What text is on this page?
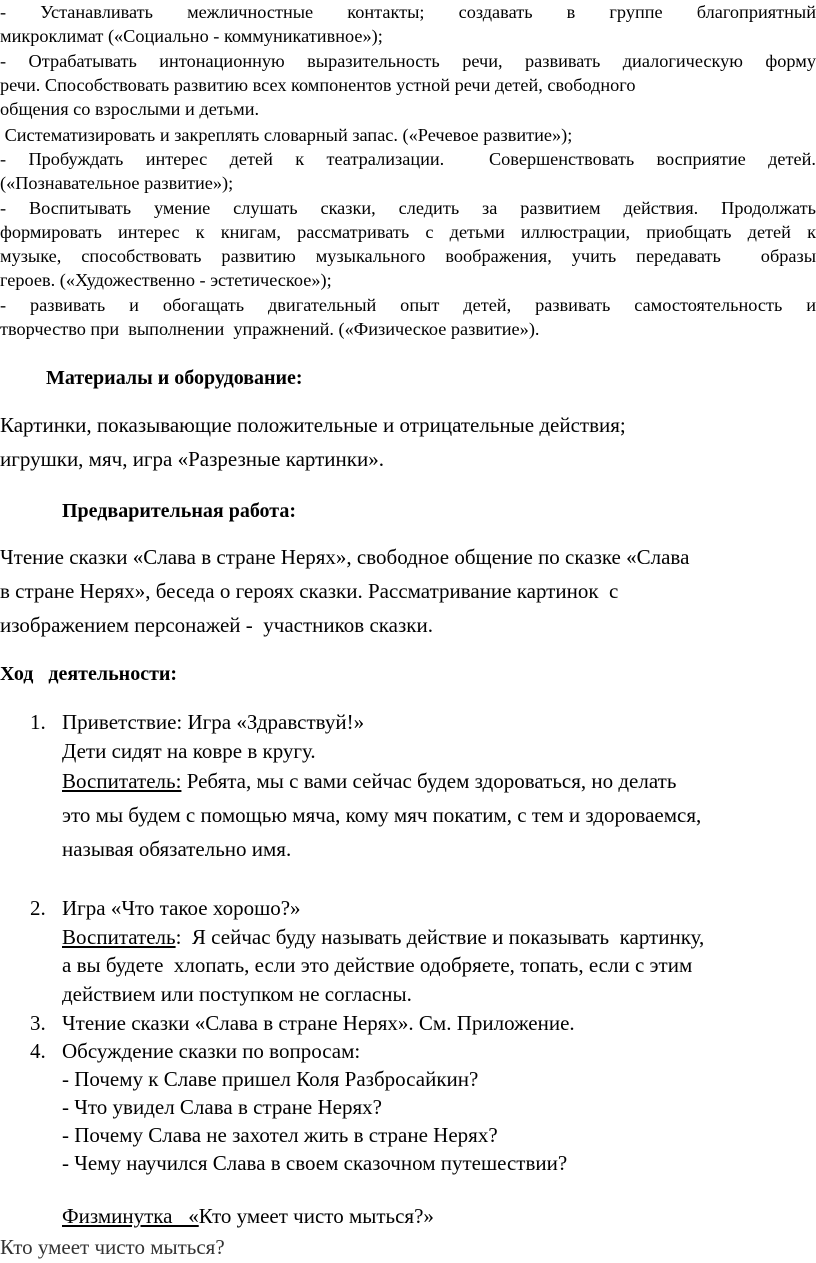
- Устанавливать межличностные контакты; создавать в группе благоприятный

микроклимат («Социально - коммуникативное»);

- Отрабатывать интонационную выразительность речи, развивать диалогическую форму

речи. Способствовать развитию всех компонентов устной речи детей, свободного

общения со взрослыми и детьми.

Систематизировать и закреплять словарный запас. («Речевое развитие»);

- Пробуждать интерес детей к театрализации.  Совершенствовать восприятие детей.

(«Познавательное развитие»);

- Воспитывать умение слушать сказки, следить за развитием действия. Продолжать

формировать интерес к книгам, рассматривать с детьми иллюстрации, приобщать детей к

музыке, способствовать развитию музыкального воображения, учить передавать  образы

героев. («Художественно - эстетическое»);

- развивать и обогащать двигательный опыт детей, развивать самостоятельность и

творчество при  выполнении  упражнений. («Физическое развитие»).

Материалы и оборудование:

Картинки, показывающие положительные и отрицательные действия;

игрушки, мяч, игра «Разрезные картинки».

Предварительная работа:

Чтение сказки «Слава в стране Нерях», свободное общение по сказке «Слава

в стране Нерях», беседа о героях сказки. Рассматривание картинок  с

изображением персонажей -  участников сказки.

Ход   деятельности:

1. Приветствие: Игра «Здравствуй!»

Дети сидят на ковре в кругу.

Воспитатель: Ребята, мы с вами сейчас будем здороваться, но делать

это мы будем с помощью мяча, кому мяч покатим, с тем и здороваемся,

называя обязательно имя.

2. Игра «Что такое хорошо?»

Воспитатель:  Я сейчас буду называть действие и показывать  картинку,

а вы будете  хлопать, если это действие одобряете, топать, если с этим

действием или поступком не согласны.

3. Чтение сказки «Слава в стране Нерях». См. Приложение.

4. Обсуждение сказки по вопросам:

- Почему к Славе пришел Коля Разбросайкин?

- Что увидел Слава в стране Нерях?

- Почему Слава не захотел жить в стране Нерях?

- Чему научился Слава в своем сказочном путешествии?

Физминутка   «Кто умеет чисто мыться?»

Кто умеет чисто мыться?
